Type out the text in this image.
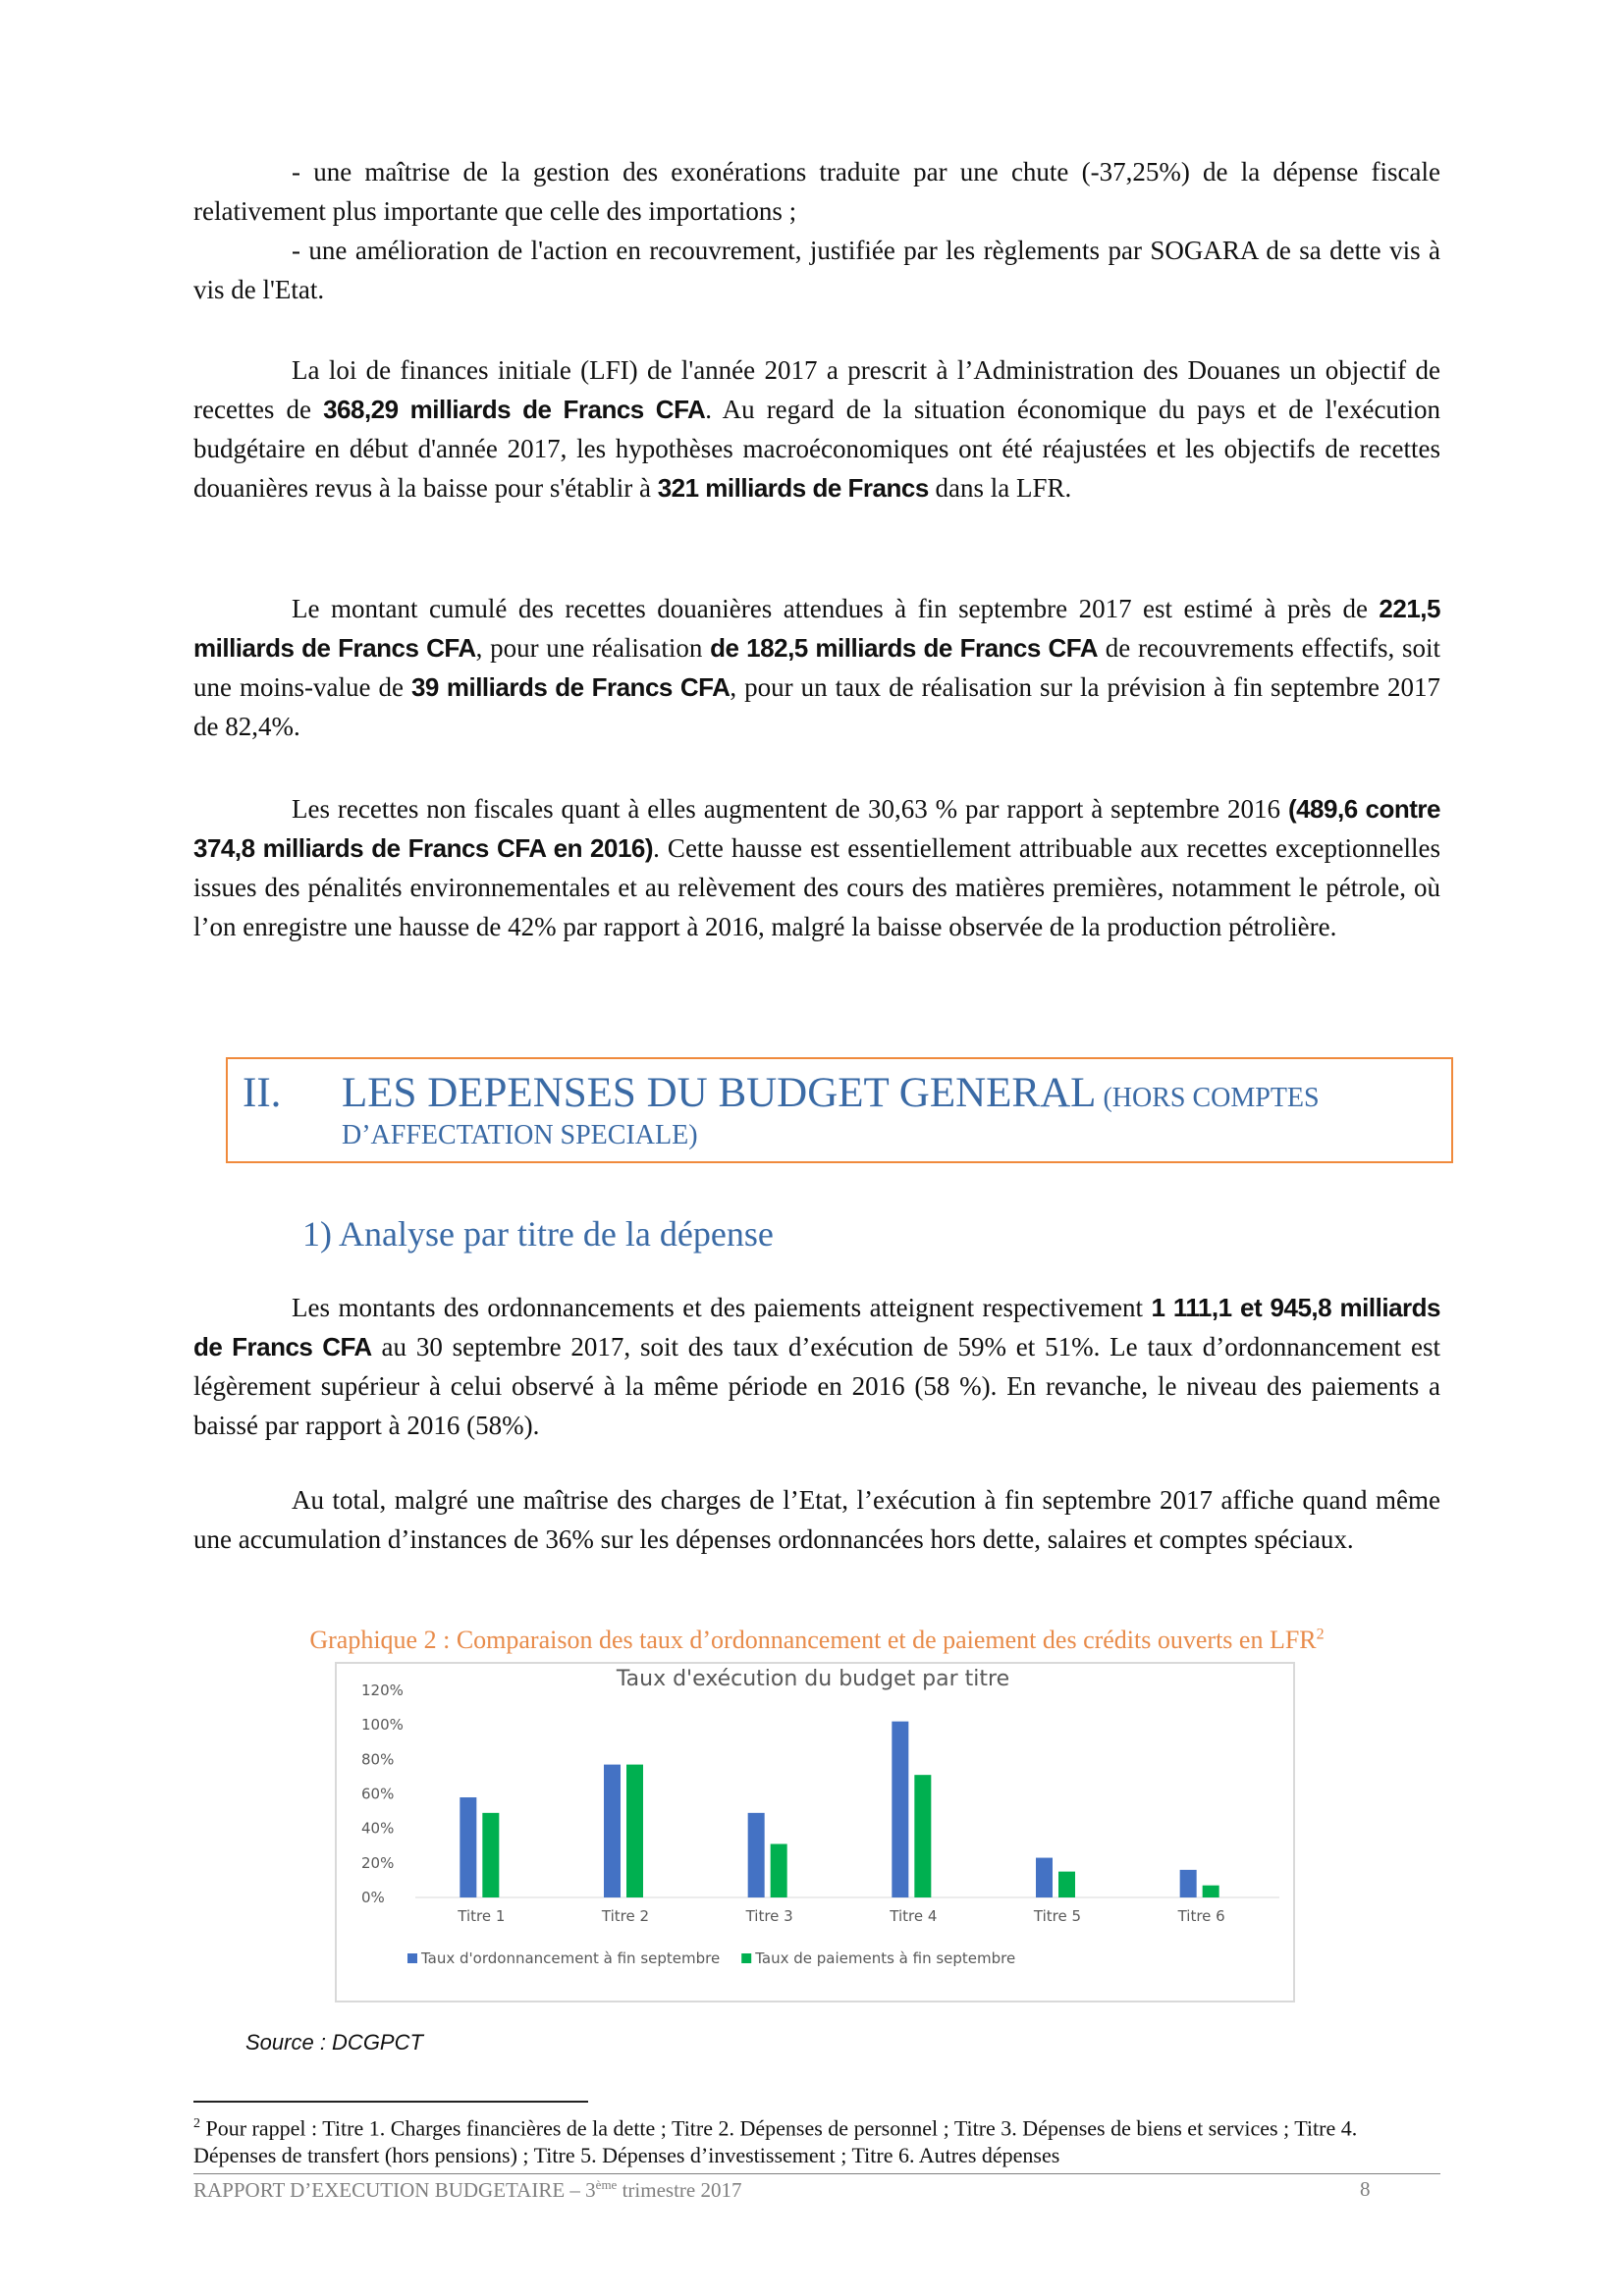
- une maîtrise de la gestion des exonérations traduite par une chute (-37,25%) de la dépense fiscale relativement plus importante que celle des importations ;

- une amélioration de l'action en recouvrement, justifiée par les règlements par SOGARA de sa dette vis à vis de l'Etat.

La loi de finances initiale (LFI) de l'année 2017 a prescrit à l’Administration des Douanes un objectif de recettes de 368,29 milliards de Francs CFA. Au regard de la situation économique du pays et de l'exécution budgétaire en début d'année 2017, les hypothèses macroéconomiques ont été réajustées et les objectifs de recettes douanières revus à la baisse pour s'établir à 321 milliards de Francs dans la LFR.

Le montant cumulé des recettes douanières attendues à fin septembre 2017 est estimé à près de 221,5 milliards de Francs CFA, pour une réalisation de 182,5 milliards de Francs CFA de recouvrements effectifs, soit une moins-value de 39 milliards de Francs CFA, pour un taux de réalisation sur la prévision à fin septembre 2017 de 82,4%.

Les recettes non fiscales quant à elles augmentent de 30,63 % par rapport à septembre 2016 (489,6 contre 374,8 milliards de Francs CFA en 2016). Cette hausse est essentiellement attribuable aux recettes exceptionnelles issues des pénalités environnementales et au relèvement des cours des matières premières, notamment le pétrole, où l’on enregistre une hausse de 42% par rapport à 2016, malgré la baisse observée de la production pétrolière.

II. LES DEPENSES DU BUDGET GENERAL (HORS COMPTES
D’AFFECTATION SPECIALE)
1) Analyse par titre de la dépense

Les montants des ordonnancements et des paiements atteignent respectivement 1 111,1 et 945,8 milliards de Francs CFA au 30 septembre 2017, soit des taux d’exécution de 59% et 51%. Le taux d’ordonnancement est légèrement supérieur à celui observé à la même période en 2016 (58 %). En revanche, le niveau des paiements a baissé par rapport à 2016 (58%).

Au total, malgré une maîtrise des charges de l’Etat, l’exécution à fin septembre 2017 affiche quand même une accumulation d’instances de 36% sur les dépenses ordonnancées hors dette, salaires et comptes spéciaux.

Graphique 2 : Comparaison des taux d’ordonnancement et de paiement des crédits ouverts en LFR$^2$
Taux d'exécution du budget par titre
0%
20%
40%
60%
80%
100%
120%
Titre 1	Titre 2	Titre 3	Titre 4	Titre 5	Titre 6
Taux d'ordonnancement à fin septembre Taux de paiements à fin septembre
Source : DCGPCT
$^2$ Pour rappel : Titre 1. Charges financières de la dette ; Titre 2. Dépenses de personnel ; Titre 3. Dépenses de biens et services ; Titre 4. Dépenses de transfert (hors pensions) ; Titre 5. Dépenses d’investissement ; Titre 6. Autres dépenses
RAPPORT D’EXECUTION BUDGETAIRE – 3ème trimestre 2017	8
